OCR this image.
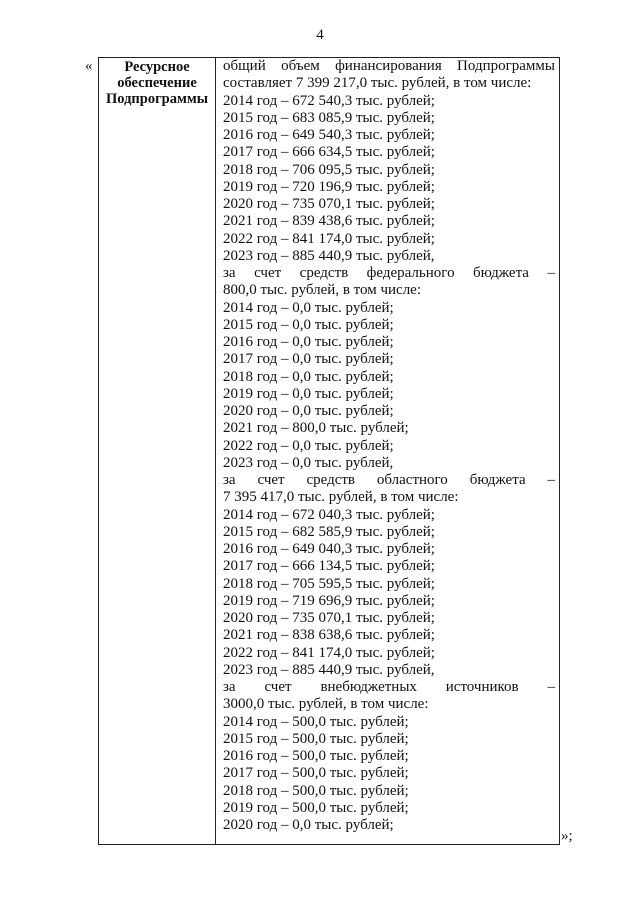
4
«	Ресурсное
обеспечение
Подпрограммы
общий объем финансирования Подпрограммы
составляет 7 399 217,0 тыс. рублей, в том числе:
2014 год – 672 540,3 тыс. рублей;
2015 год – 683 085,9 тыс. рублей;
2016 год – 649 540,3 тыс. рублей;
2017 год – 666 634,5 тыс. рублей;
2018 год – 706 095,5 тыс. рублей;
2019 год – 720 196,9 тыс. рублей;
2020 год – 735 070,1 тыс. рублей;
2021 год – 839 438,6 тыс. рублей;
2022 год – 841 174,0 тыс. рублей;
2023 год – 885 440,9 тыс. рублей,
за счет средств федерального бюджета –
800,0 тыс. рублей, в том числе:
2014 год – 0,0 тыс. рублей;
2015 год – 0,0 тыс. рублей;
2016 год – 0,0 тыс. рублей;
2017 год – 0,0 тыс. рублей;
2018 год – 0,0 тыс. рублей;
2019 год – 0,0 тыс. рублей;
2020 год – 0,0 тыс. рублей;
2021 год – 800,0 тыс. рублей;
2022 год – 0,0 тыс. рублей;
2023 год – 0,0 тыс. рублей,
за счет средств областного бюджета –
7 395 417,0 тыс. рублей, в том числе:
2014 год – 672 040,3 тыс. рублей;
2015 год – 682 585,9 тыс. рублей;
2016 год – 649 040,3 тыс. рублей;
2017 год – 666 134,5 тыс. рублей;
2018 год – 705 595,5 тыс. рублей;
2019 год – 719 696,9 тыс. рублей;
2020 год – 735 070,1 тыс. рублей;
2021 год – 838 638,6 тыс. рублей;
2022 год – 841 174,0 тыс. рублей;
2023 год – 885 440,9 тыс. рублей,
за счет внебюджетных источников –
3000,0 тыс. рублей, в том числе:
2014 год – 500,0 тыс. рублей;
2015 год – 500,0 тыс. рублей;
2016 год – 500,0 тыс. рублей;
2017 год – 500,0 тыс. рублей;
2018 год – 500,0 тыс. рублей;
2019 год – 500,0 тыс. рублей;
2020 год – 0,0 тыс. рублей;
»;
